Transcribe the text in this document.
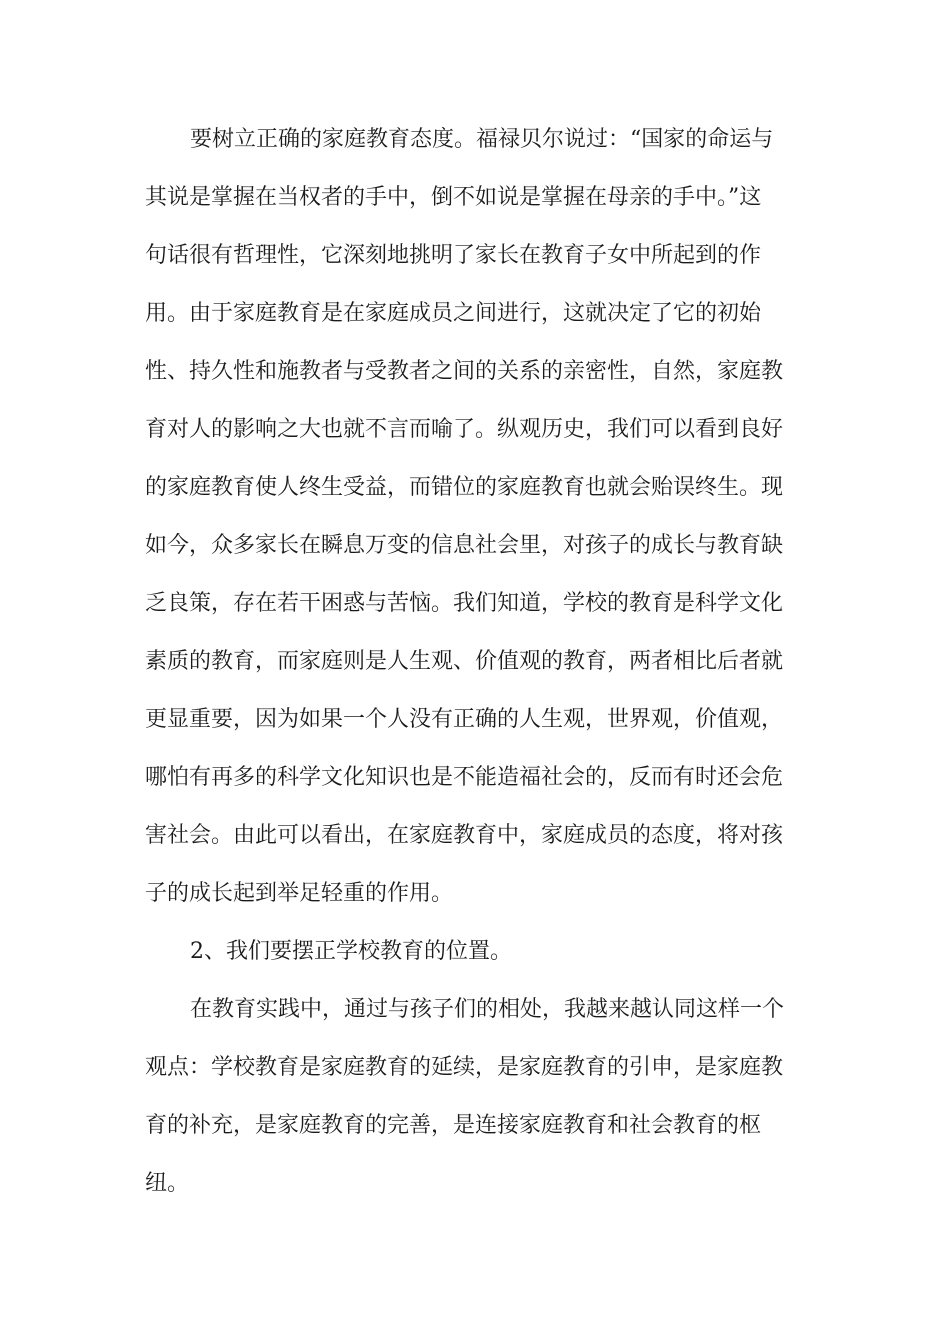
要树立正确的家庭教育态度。福禄贝尔说过：“国家的命运与
其说是掌握在当权者的手中，倒不如说是掌握在母亲的手中。”这
句话很有哲理性，它深刻地挑明了家长在教育子女中所起到的作
用。由于家庭教育是在家庭成员之间进行，这就决定了它的初始
性、持久性和施教者与受教者之间的关系的亲密性，自然，家庭教
育对人的影响之大也就不言而喻了。纵观历史，我们可以看到良好
的家庭教育使人终生受益，而错位的家庭教育也就会贻误终生。现
如今，众多家长在瞬息万变的信息社会里，对孩子的成长与教育缺
乏良策，存在若干困惑与苦恼。我们知道，学校的教育是科学文化
素质的教育，而家庭则是人生观、价值观的教育，两者相比后者就
更显重要，因为如果一个人没有正确的人生观，世界观，价值观，
哪怕有再多的科学文化知识也是不能造福社会的，反而有时还会危
害社会。由此可以看出，在家庭教育中，家庭成员的态度，将对孩
子的成长起到举足轻重的作用。
2、我们要摆正学校教育的位置。
在教育实践中，通过与孩子们的相处，我越来越认同这样一个
观点：学校教育是家庭教育的延续，是家庭教育的引申，是家庭教
育的补充，是家庭教育的完善，是连接家庭教育和社会教育的枢
纽。
